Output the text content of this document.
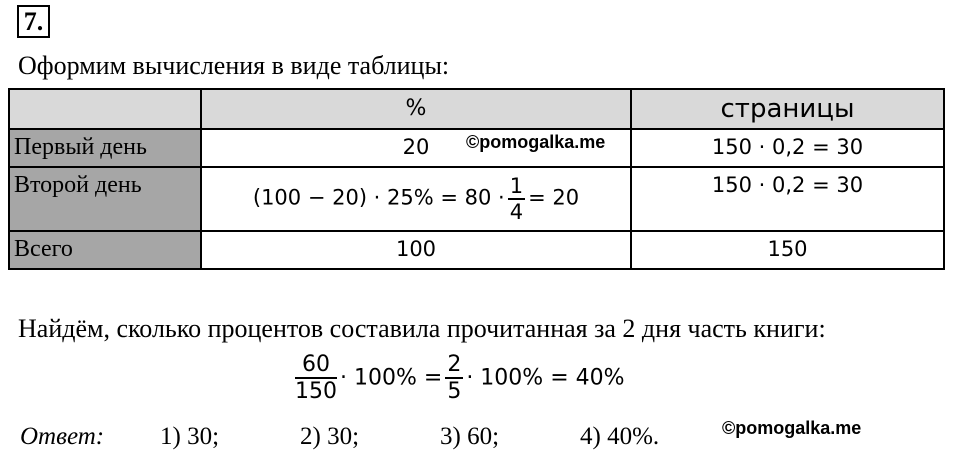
7.
Оформим вычисления в виде таблицы:
	%	страницы
Первый день	20 ©pomogalka.me	150 · 0,2 = 30
Второй день	$(100 - 20) \cdot 25\% = 80 \cdot \frac{1}{4} = 20$	150 · 0,2 = 30
Всего	100	150
Найдём, сколько процентов составила прочитанная за 2 дня часть книги:
$\frac{60}{150} \cdot 100\% = \frac{2}{5} \cdot 100\% = 40\%$
Ответ: 1) 30;	2) 30;	3) 60;	4) 40%.	©pomogalka.me
